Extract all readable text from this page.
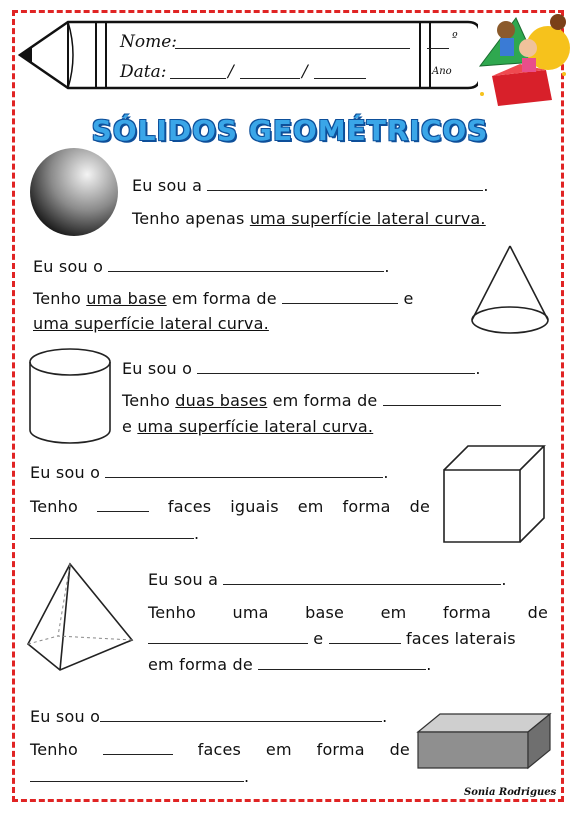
Nome:	º
Data:	/	/	Ano
SÓLIDOS GEOMÉTRICOS
Eu sou a	.
Tenho apenas uma superfície lateral curva.
Eu sou o	.
Tenho uma base em forma de	e
uma superfície lateral curva.
Eu sou o	.
Tenho duas bases em forma de
e uma superfície lateral curva.
Eu sou o	.
Tenho	faces iguais em forma de
.
Eu sou a	.
Tenho uma base em forma de
e	faces laterais
em forma de	.
Eu sou o	.
Tenho	faces em forma de
.
Sonia Rodrigues
